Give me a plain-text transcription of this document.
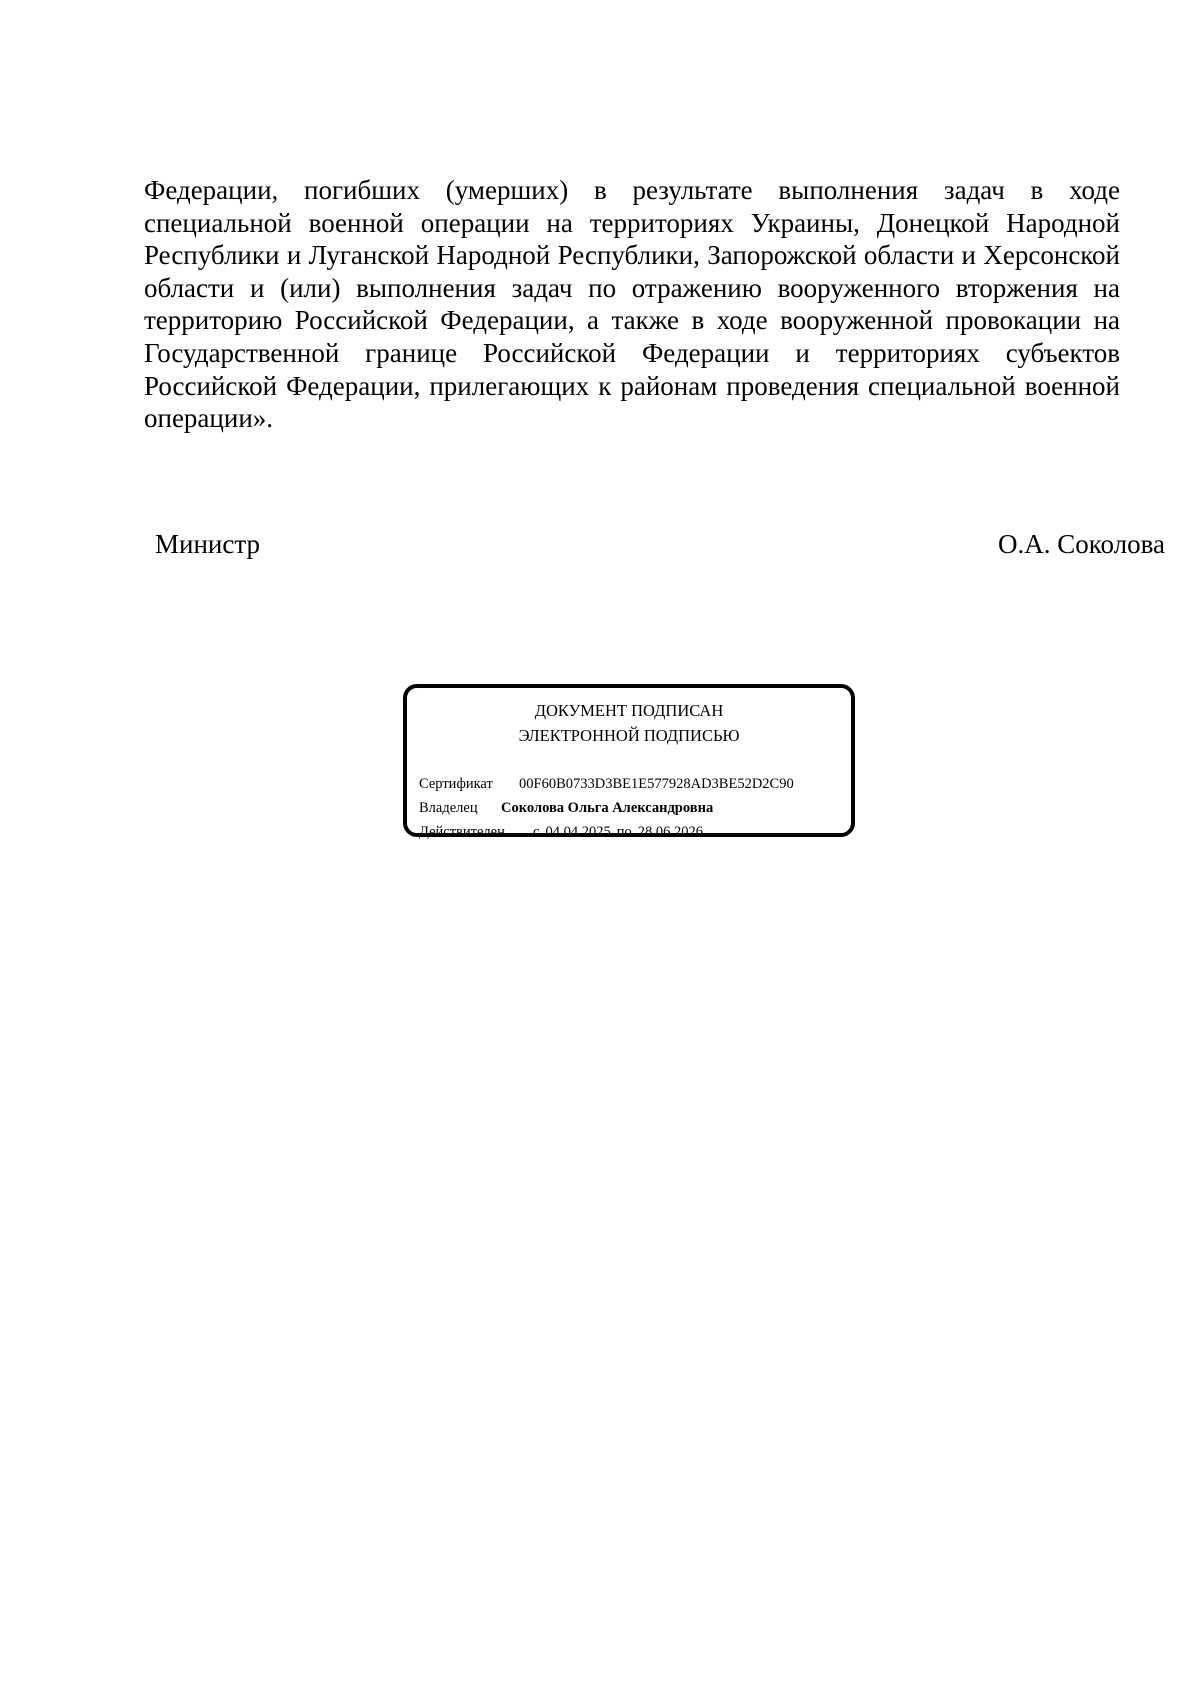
Федерации, погибших (умерших) в результате выполнения задач в ходе специальной военной операции на территориях Украины, Донецкой Народной Республики и Луганской Народной Республики, Запорожской области и Херсонской области и (или) выполнения задач по отражению вооруженного вторжения на территорию Российской Федерации, а также в ходе вооруженной провокации на Государственной границе Российской Федерации и территориях субъектов Российской Федерации, прилегающих к районам проведения специальной военной операции».

Министр	О.А. Соколова
ДОКУМЕНТ ПОДПИСАН
ЭЛЕКТРОННОЙ ПОДПИСЬЮ
Сертификат 00F60B0733D3BE1E577928AD3BE52D2C90
Владелец Соколова Ольга Александровна
Действителен с 04.04.2025 по 28.06.2026
